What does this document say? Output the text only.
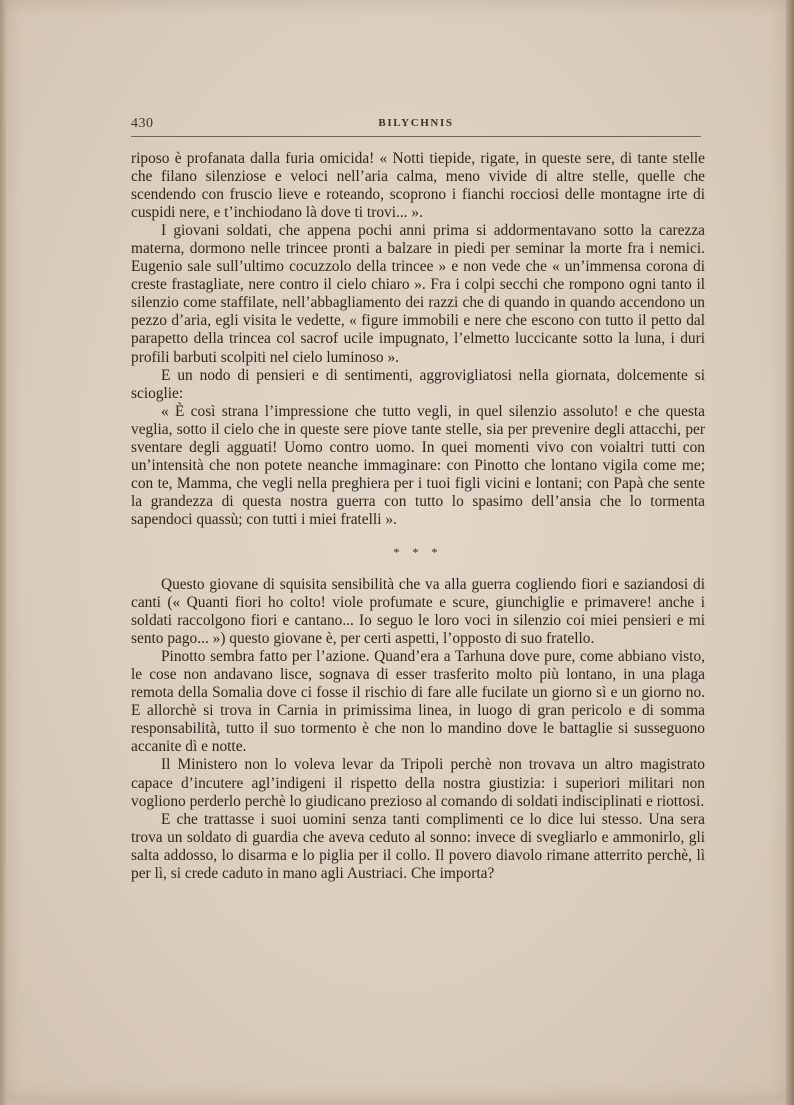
430	BILYCHNIS

riposo è profanata dalla furia omicida! « Notti tiepide, rigate, in queste sere, di tante stelle che filano silenziose e veloci nell’aria calma, meno vivide di altre stelle, quelle che scendendo con fruscio lieve e roteando, scoprono i fianchi rocciosi delle montagne irte di cuspidi nere, e t’inchiodano là dove ti trovi... ».

I giovani soldati, che appena pochi anni prima si addormentavano sotto la carezza materna, dormono nelle trincee pronti a balzare in piedi per seminar la morte fra i nemici. Eugenio sale sull’ultimo cocuzzolo della trincee » e non vede che « un’immensa corona di creste frastagliate, nere contro il cielo chiaro ». Fra i colpi secchi che rompono ogni tanto il silenzio come staffilate, nell’abbagliamento dei razzi che di quando in quando accendono un pezzo d’aria, egli visita le vedette, « figure immobili e nere che escono con tutto il petto dal parapetto della trincea col sacrof ucile impugnato, l’elmetto luccicante sotto la luna, i duri profili barbuti scolpiti nel cielo luminoso ».

E un nodo di pensieri e di sentimenti, aggrovigliatosi nella giornata, dolcemente si scioglie:

« È così strana l’impressione che tutto vegli, in quel silenzio assoluto! e che questa veglia, sotto il cielo che in queste sere piove tante stelle, sia per prevenire degli attacchi, per sventare degli agguati! Uomo contro uomo. In quei momenti vivo con voialtri tutti con un’intensità che non potete neanche immaginare: con Pinotto che lontano vigila come me; con te, Mamma, che vegli nella preghiera per i tuoi figli vicini e lontani; con Papà che sente la grandezza di questa nostra guerra con tutto lo spasimo dell’ansia che lo tormenta sapendoci quassù; con tutti i miei fratelli ».

* * *

Questo giovane di squisita sensibilità che va alla guerra cogliendo fiori e saziandosi di canti (« Quanti fiori ho colto! viole profumate e scure, giunchiglie e primavere! anche i soldati raccolgono fiori e cantano... Io seguo le loro voci in silenzio coi miei pensieri e mi sento pago... ») questo giovane è, per certi aspetti, l’opposto di suo fratello.

Pinotto sembra fatto per l’azione. Quand’era a Tarhuna dove pure, come abbiano visto, le cose non andavano lisce, sognava di esser trasferito molto più lontano, in una plaga remota della Somalia dove ci fosse il rischio di fare alle fucilate un giorno sì e un giorno no. E allorchè si trova in Carnia in primissima linea, in luogo di gran pericolo e di somma responsabilità, tutto il suo tormento è che non lo mandino dove le battaglie si susseguono accanite dì e notte.

Il Ministero non lo voleva levar da Tripoli perchè non trovava un altro magistrato capace d’incutere agl’indigeni il rispetto della nostra giustizia: i superiori militari non vogliono perderlo perchè lo giudicano prezioso al comando di soldati indisciplinati e riottosi.

E che trattasse i suoi uomini senza tanti complimenti ce lo dice lui stesso. Una sera trova un soldato di guardia che aveva ceduto al sonno: invece di svegliarlo e ammonirlo, gli salta addosso, lo disarma e lo piglia per il collo. Il povero diavolo rimane atterrito perchè, lì per lì, si crede caduto in mano agli Austriaci. Che importa?
